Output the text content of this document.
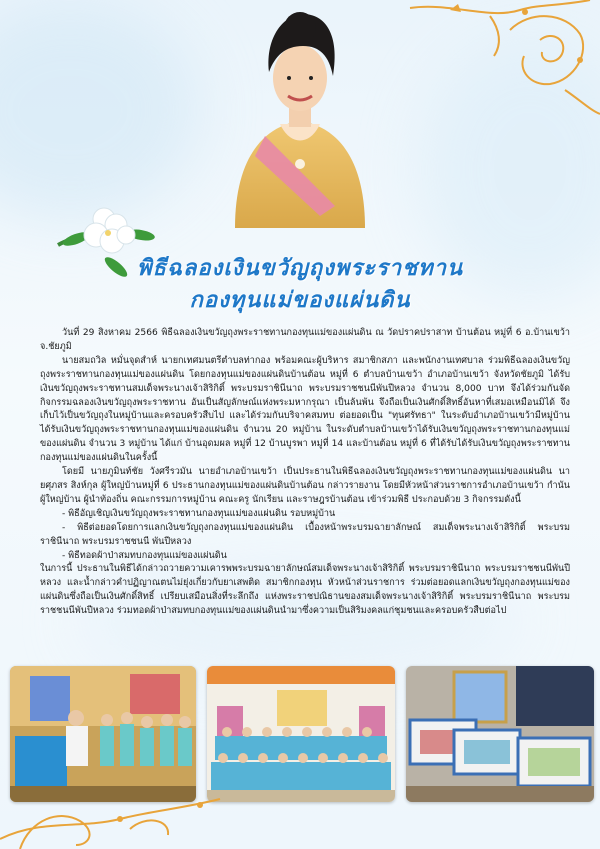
พิธีฉลองเงินขวัญถุงพระราชทาน
กองทุนแม่ของแผ่นดิน
วันที่ 29 สิงหาคม 2566 พิธีฉลองเงินขวัญถุงพระราชทานกองทุนแม่ของแผ่นดิน ณ วัดปราคปราสาท บ้านต้อน หมู่ที่ 6 อ.บ้านเขว้า จ.ชัยภูมิ
นายสมถวิล หมั่นจุดสำห์ นายกเทศมนตรีตำบลท่ากอง พร้อมคณะผู้บริหาร สมาชิกสภา และพนักงานเทศบาล ร่วมพิธีฉลองเงินขวัญถุงพระราชทานกองทุนแม่ของแผ่นดิน โดยกองทุนแม่ของแผ่นดินบ้านต้อน หมู่ที่ 6 ตำบลบ้านเขว้า อำเภอบ้านเขว้า จังหวัดชัยภูมิ ได้รับเงินขวัญถุงพระราชทานสมเด็จพระนางเจ้าสิริกิติ์ พระบรมราชินีนาถ พระบรมราชชนนีพันปีหลวง จำนวน 8,000 บาท จึงได้ร่วมกันจัดกิจกรรมฉลองเงินขวัญถุงพระราชทาน อันเป็นสัญลักษณ์แห่งพระมหากรุณา เป็นล้นพ้น จึงถือเป็นเงินศักดิ์สิทธิ์อันหาที่เสมอเหมือนมิได้ จึงเก็บไว้เป็นขวัญถุงในหมู่บ้านและครอบครัวสืบไป และได้ร่วมกันบริจาคสมทบ ต่อยอดเป็น "ทุนศรัทธา" ในระดับอำเภอบ้านเขว้ามีหมู่บ้านได้รับเงินขวัญถุงพระราชทานกองทุนแม่ของแผ่นดิน จำนวน 20 หมู่บ้าน ในระดับตำบลบ้านเขว้าได้รับเงินขวัญถุงพระราชทานกองทุนแม่ของแผ่นดิน จำนวน 3 หมู่บ้าน ได้แก่ บ้านอุดมผล หมู่ที่ 12 บ้านบูรพา หมู่ที่ 14 และบ้านต้อน หมู่ที่ 6 ที่ได้รับได้รับเงินขวัญถุงพระราชทานกองทุนแม่ของแผ่นดินในครั้งนี้
โดยมี นายภูมินท์ชัย วังศรีรวมัน นายอำเภอบ้านเขว้า เป็นประธานในพิธีฉลองเงินขวัญถุงพระราชทานกองทุนแม่ของแผ่นดิน นายศุภสร สิงห์กุล ผู้ใหญ่บ้านหมู่ที่ 6 ประธานกองทุนแม่ของแผ่นดินบ้านต้อน กล่าวรายงาน โดยมีหัวหน้าส่วนราชการอำเภอบ้านเขว้า กำนัน ผู้ใหญ่บ้าน ผู้นำท้องถิ่น คณะกรรมการหมู่บ้าน คณะครู นักเรียน และราษฎรบ้านต้อน เข้าร่วมพิธี ประกอบด้วย 3 กิจกรรมดังนี้
- พิธีอัญเชิญเงินขวัญถุงพระราชทานกองทุนแม่ของแผ่นดิน รอบหมู่บ้าน
- พิธีต่อยอดโดยการแลกเงินขวัญถุงกองทุนแม่ของแผ่นดิน เบื้องหน้าพระบรมฉายาลักษณ์ สมเด็จพระนางเจ้าสิริกิติ์ พระบรมราชินีนาถ พระบรมราชชนนี พันปีหลวง
- พิธีทอดผ้าป่าสมทบกองทุนแม่ของแผ่นดิน
ในการนี้ ประธานในพิธีได้กล่าวถวายความเคารพพระบรมฉายาลักษณ์สมเด็จพระนางเจ้าสิริกิติ์ พระบรมราชินีนาถ พระบรมราชชนนีพันปีหลวง และน้ำกล่าวคำปฏิญาณตนไม่ยุ่งเกี่ยวกับยาเสพติด สมาชิกกองทุน หัวหน้าส่วนราชการ ร่วมต่อยอดแลกเงินขวัญถุงกองทุนแม่ของแผ่นดินซึ่งถือเป็นเงินศักดิ์สิทธิ์ เปรียบเสมือนสิ่งที่ระลึกถึง แห่งพระราชปณิธานของสมเด็จพระนางเจ้าสิริกิติ์ พระบรมราชินีนาถ พระบรมราชชนนีพันปีหลวง ร่วมทอดผ้าป่าสมทบกองทุนแม่ของแผ่นดินนำมาซึ่งความเป็นสิริมงคลแก่ชุมชนและครอบครัวสืบต่อไป
